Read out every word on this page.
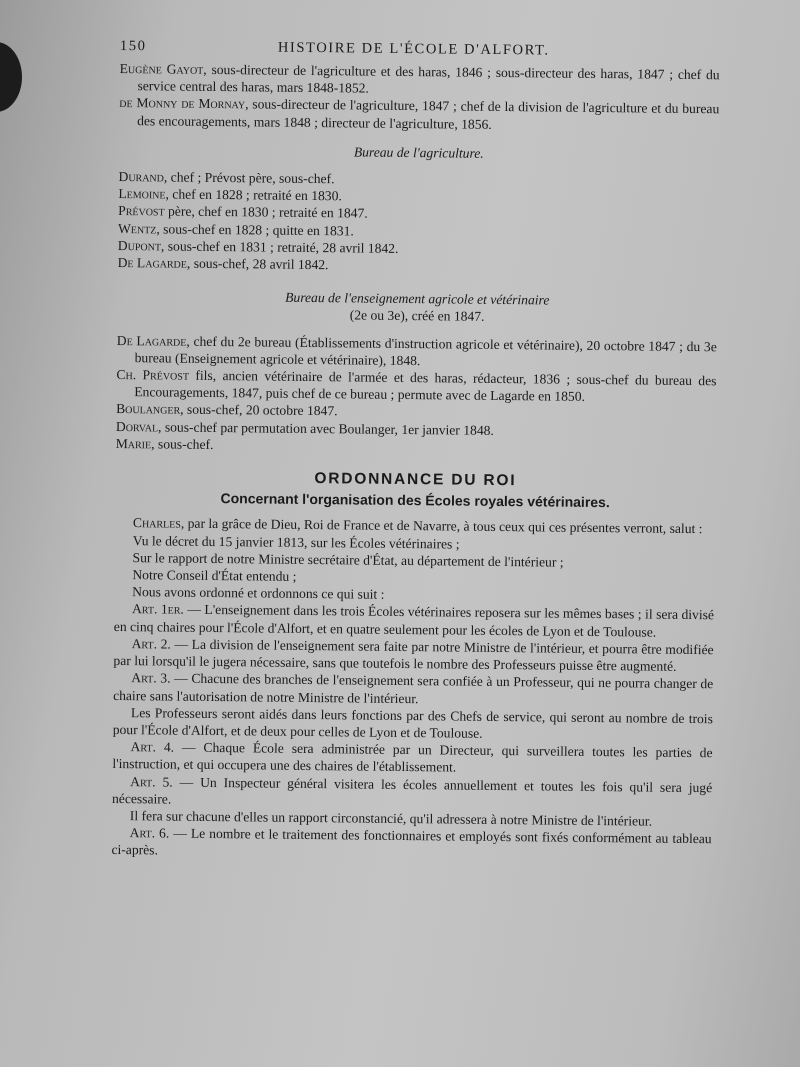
150	HISTOIRE DE L'ÉCOLE D'ALFORT.

Eugène Gayot, sous-directeur de l'agriculture et des haras, 1846 ; sous-directeur des haras, 1847 ; chef du service central des haras, mars 1848-1852.

de Monny de Mornay, sous-directeur de l'agriculture, 1847 ; chef de la division de l'agriculture et du bureau des encouragements, mars 1848 ; directeur de l'agriculture, 1856.

Bureau de l'agriculture.

Durand, chef ; Prévost père, sous-chef.

Lemoine, chef en 1828 ; retraité en 1830.

Prévost père, chef en 1830 ; retraité en 1847.

Wentz, sous-chef en 1828 ; quitte en 1831.

Dupont, sous-chef en 1831 ; retraité, 28 avril 1842.

De Lagarde, sous-chef, 28 avril 1842.

Bureau de l'enseignement agricole et vétérinaire

(2e ou 3e), créé en 1847.

De Lagarde, chef du 2e bureau (Établissements d'instruction agricole et vétérinaire), 20 octobre 1847 ; du 3e bureau (Enseignement agricole et vétérinaire), 1848.

Ch. Prévost fils, ancien vétérinaire de l'armée et des haras, rédacteur, 1836 ; sous-chef du bureau des Encouragements, 1847, puis chef de ce bureau ; permute avec de Lagarde en 1850.

Boulanger, sous-chef, 20 octobre 1847.

Dorval, sous-chef par permutation avec Boulanger, 1er janvier 1848.

Marie, sous-chef.

ORDONNANCE DU ROI

Concernant l'organisation des Écoles royales vétérinaires.

Charles, par la grâce de Dieu, Roi de France et de Navarre, à tous ceux qui ces présentes verront, salut :

Vu le décret du 15 janvier 1813, sur les Écoles vétérinaires ;

Sur le rapport de notre Ministre secrétaire d'État, au département de l'intérieur ;

Notre Conseil d'État entendu ;

Nous avons ordonné et ordonnons ce qui suit :

Art. 1er. — L'enseignement dans les trois Écoles vétérinaires reposera sur les mêmes bases ; il sera divisé en cinq chaires pour l'École d'Alfort, et en quatre seulement pour les écoles de Lyon et de Toulouse.

Art. 2. — La division de l'enseignement sera faite par notre Ministre de l'intérieur, et pourra être modifiée par lui lorsqu'il le jugera nécessaire, sans que toutefois le nombre des Professeurs puisse être augmenté.

Art. 3. — Chacune des branches de l'enseignement sera confiée à un Professeur, qui ne pourra changer de chaire sans l'autorisation de notre Ministre de l'intérieur.

Les Professeurs seront aidés dans leurs fonctions par des Chefs de service, qui seront au nombre de trois pour l'École d'Alfort, et de deux pour celles de Lyon et de Toulouse.

Art. 4. — Chaque École sera administrée par un Directeur, qui surveillera toutes les parties de l'instruction, et qui occupera une des chaires de l'établissement.

Art. 5. — Un Inspecteur général visitera les écoles annuellement et toutes les fois qu'il sera jugé nécessaire.

Il fera sur chacune d'elles un rapport circonstancié, qu'il adressera à notre Ministre de l'intérieur.

Art. 6. — Le nombre et le traitement des fonctionnaires et employés sont fixés conformément au tableau ci-après.
